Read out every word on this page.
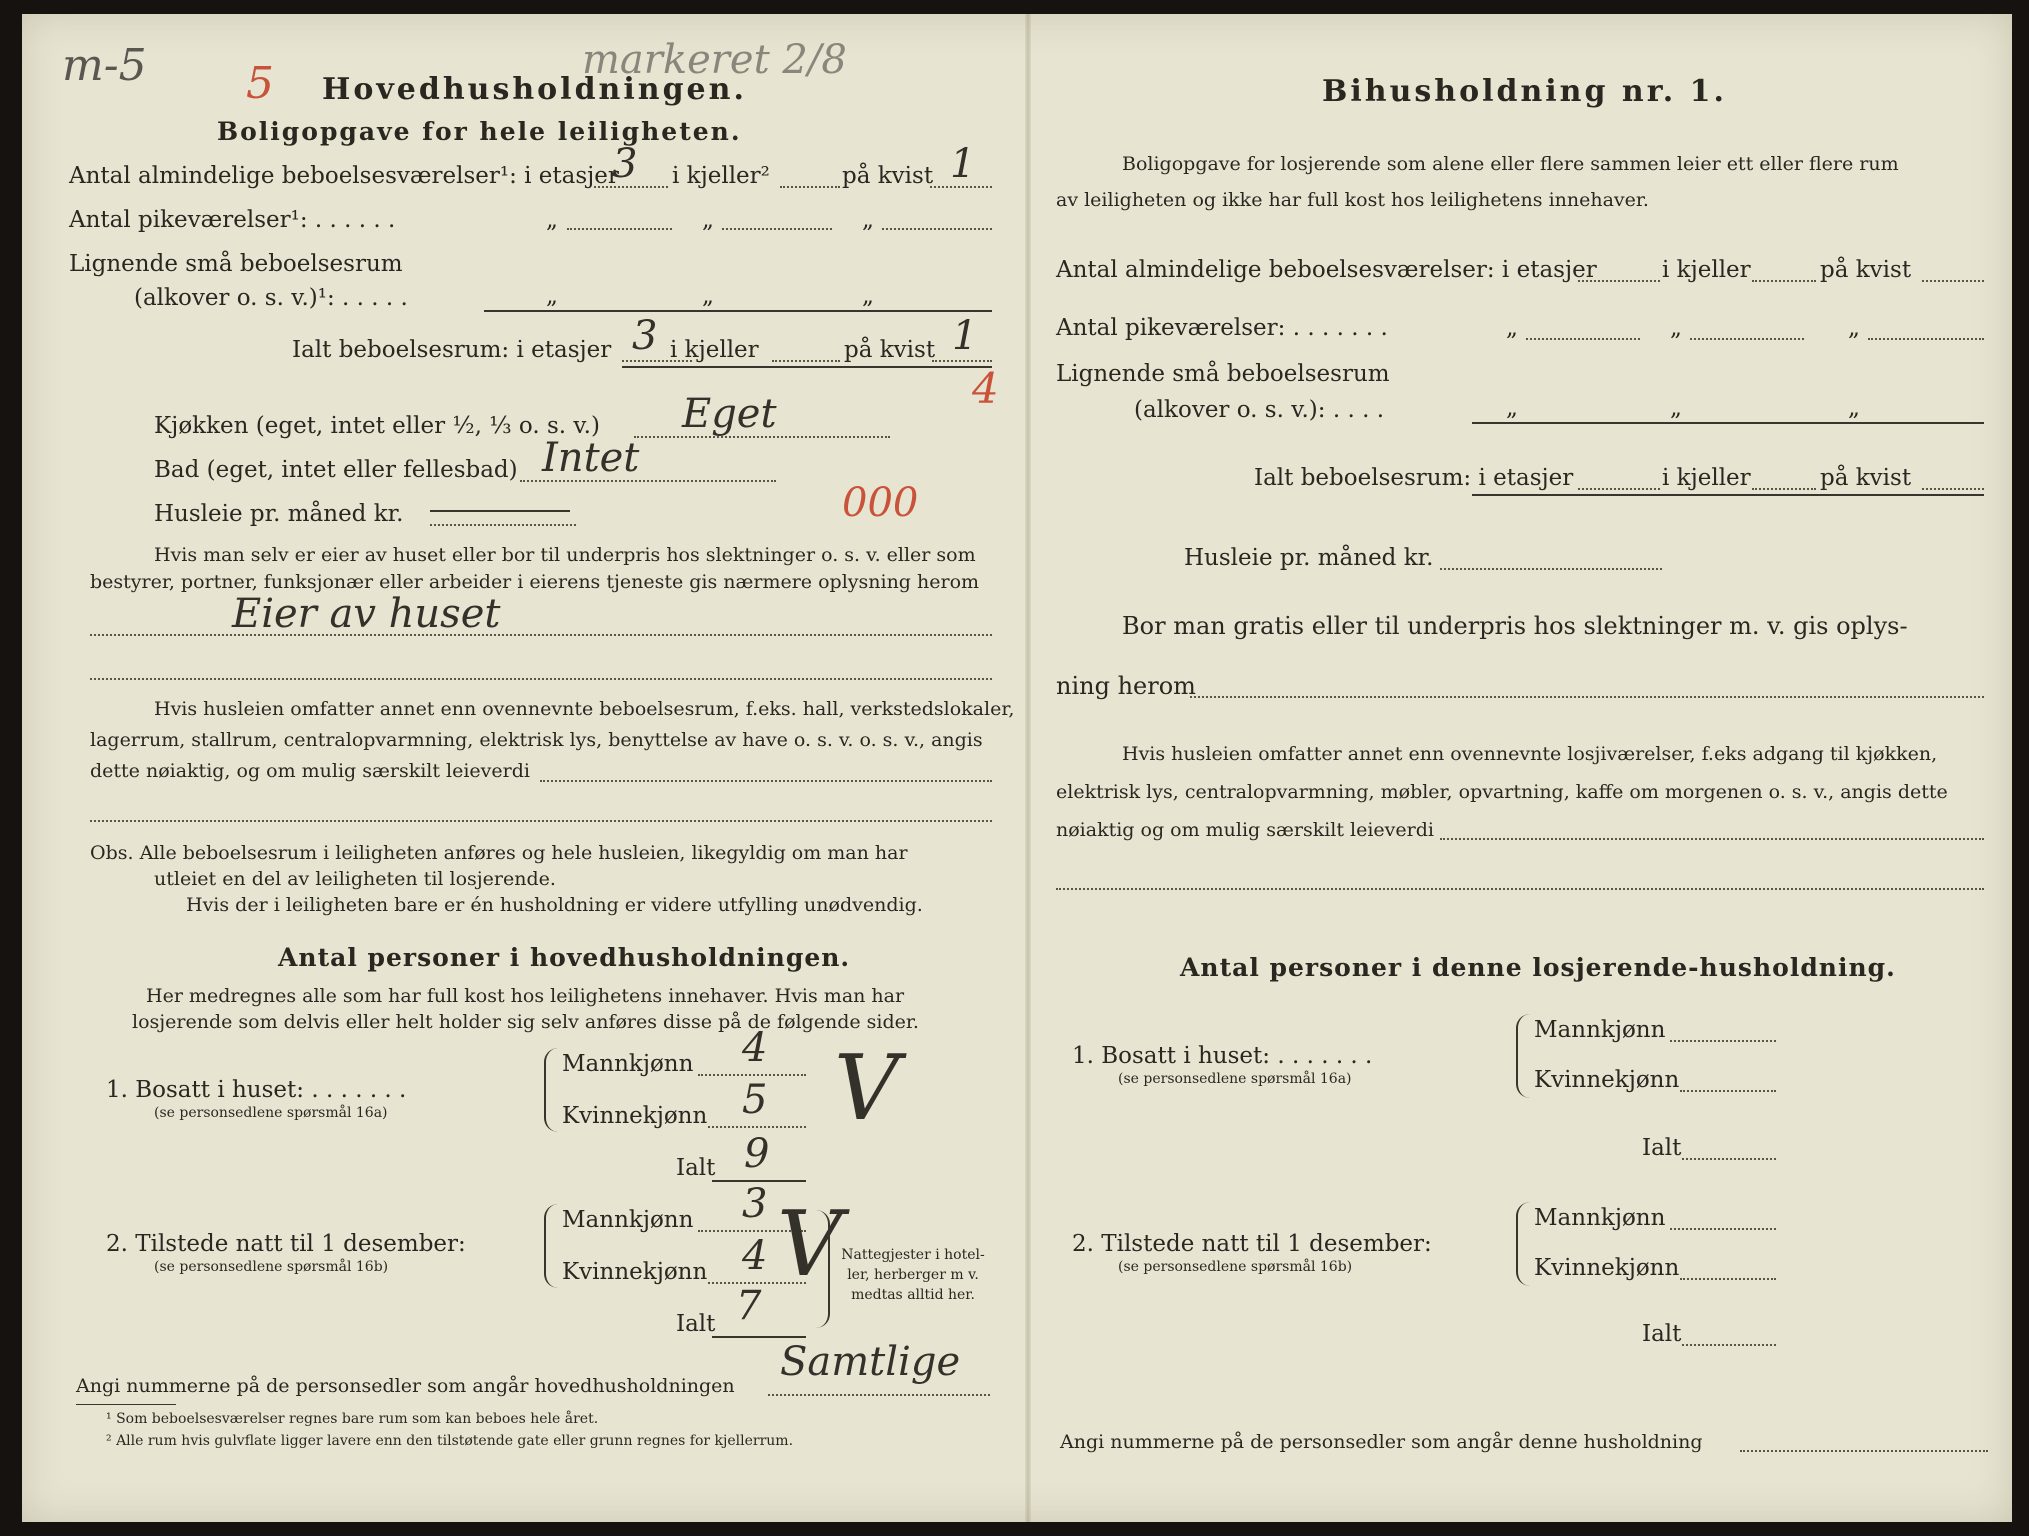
m-5 5	markeret 2/8
Hovedhusholdningen.
Boligopgave for hele leiligheten.
Antal almindelige beboelsesværelser¹: i etasjer
3 i kjeller²	på kvist 1
Antal pikeværelser¹: . . . . . .	„	„	„
Lignende små beboelsesrum
(alkover o. s. v.)¹: . . . . .	„	„	„
Ialt beboelsesrum: i etasjer 3 i kjeller	på kvist 1
4
Kjøkken (eget, intet eller ½, ⅓ o. s. v.) Eget
Bad (eget, intet eller fellesbad) Intet
Husleie pr. måned kr.	000
Hvis man selv er eier av huset eller bor til underpris hos slektninger o. s. v. eller som
bestyrer, portner, funksjonær eller arbeider i eierens tjeneste gis nærmere oplysning herom
Eier av huset
Hvis husleien omfatter annet enn ovennevnte beboelsesrum, f.eks. hall, verkstedslokaler,
lagerrum, stallrum, centralopvarmning, elektrisk lys, benyttelse av have o. s. v. o. s. v., angis
dette nøiaktig, og om mulig særskilt leieverdi
Obs. Alle beboelsesrum i leiligheten anføres og hele husleien, likegyldig om man har
utleiet en del av leiligheten til losjerende.
Hvis der i leiligheten bare er én husholdning er videre utfylling unødvendig.
Antal personer i hovedhusholdningen.
Her medregnes alle som har full kost hos leilighetens innehaver. Hvis man har
losjerende som delvis eller helt holder sig selv anføres disse på de følgende sider.
1. Bosatt i huset: . . . . . . .
(se personsedlene spørsmål 16a)
Mannkjønn 4
Kvinnekjønn 5
Ialt 9
V
2. Tilstede natt til 1 desember:
(se personsedlene spørsmål 16b)
Mannkjønn 3
Kvinnekjønn 4
Ialt 7
V Nattegjester i hotel-
ler, herberger m v.
medtas alltid her.
Angi nummerne på de personsedler som angår hovedhusholdningen
Samtlige
¹ Som beboelsesværelser regnes bare rum som kan beboes hele året.
² Alle rum hvis gulvflate ligger lavere enn den tilstøtende gate eller grunn regnes for kjellerrum.
Bihusholdning nr. 1.
Boligopgave for losjerende som alene eller flere sammen leier ett eller flere rum
av leiligheten og ikke har full kost hos leilighetens innehaver.
Antal almindelige beboelsesværelser: i etasjer	i kjeller	på kvist
Antal pikeværelser: . . . . . . .	„	„	„
Lignende små beboelsesrum
(alkover o. s. v.): . . . .	„	„	„
Ialt beboelsesrum: i etasjer	i kjeller	på kvist
Husleie pr. måned kr.
Bor man gratis eller til underpris hos slektninger m. v. gis oplys-
ning herom
Hvis husleien omfatter annet enn ovennevnte losjiværelser, f.eks adgang til kjøkken,
elektrisk lys, centralopvarmning, møbler, opvartning, kaffe om morgenen o. s. v., angis dette
nøiaktig og om mulig særskilt leieverdi
Antal personer i denne losjerende-husholdning.
1. Bosatt i huset: . . . . . . .
(se personsedlene spørsmål 16a)
Mannkjønn
Kvinnekjønn
Ialt
2. Tilstede natt til 1 desember:
(se personsedlene spørsmål 16b)
Mannkjønn
Kvinnekjønn
Ialt
Angi nummerne på de personsedler som angår denne husholdning
